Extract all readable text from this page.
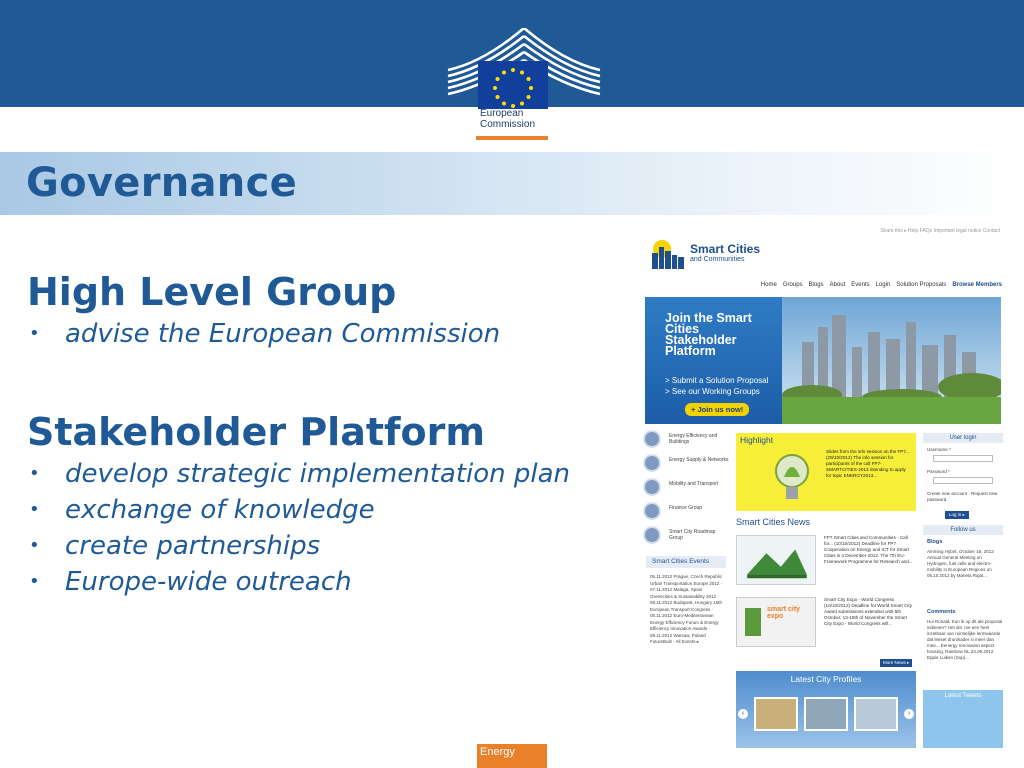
European
Commission
Governance
High Level Group
• advise the European Commission
Stakeholder Platform
• develop strategic implementation plan
• exchange of knowledge
• create partnerships
• Europe-wide outreach
Share this ▸ Help FAQs Important legal notice Contact
Smart Cities
and Communities
Home Groups Blogs About Events Login Solution Proposals Browse Members
Join the Smart
Cities
Stakeholder
Platform
> Submit a Solution Proposal
> See our Working Groups
+ Join us now!
Energy Efficiency and Buildings
Energy Supply & Networks
Mobility and Transport
Finance Group
Smart City Roadmap Group
Smart Cities Events
05.11.2012 Prague, Czech Republic Urban Transportation Europe 2012 · 07.11.2012 Malaga, Spain Greencities & Sustainability 2012 · 08.11.2012 Budapest, Hungary 15th European Transport Congress · 08.11.2012 Euro-Mediterranean Energy Efficiency Forum & Energy Efficiency Innovation Awards · 08.11.2012 Warsaw, Poland FutureBuilt · All Events ▸
Highlight
Slides from the info session on the FP7... (29/10/2012) The info session for participants of the call FP7-SMARTCITIES-2013 intending to apply for topic ENERGY2013...
Smart Cities News
FP7 Smart Cities and Communities - Call for... (10/10/2012) Deadline for FP7 Cooperation on Energy and ICT for Smart Cities is 4 December 2012. The 7th EU-Framework Programme for Research and...
smart city expo
Smart City Expo - World Congress (10/10/2012) Deadline for World Smart City Award submissions extended until 5th October, 13-15th of November the Smart City Expo - World Congress will...
More News ▸
Latest City Profiles
‹	›
User login
Username *
Password *
Create new account · Request new password
Log in ▸
Follow us
Blogs
Amming Hybrit, October 16, 2012 Annual General Meeting on Hydrogen, fuel cells and electro-mobility in European Regions on 05.10.2012 by Mariela Rajat...
Comments
Hoi Ronald, Kun ik op dit ale proposal indienen? Het stit. me een heel inzetbaar van ruimtelijke lermwaarde dat leeset drumkader si meer dan mee... Eenergy renovation aspect housing, Rainbow NL 23.09.2012 Eppie Luiken (Sup)...
Latest Tweets
Energy
